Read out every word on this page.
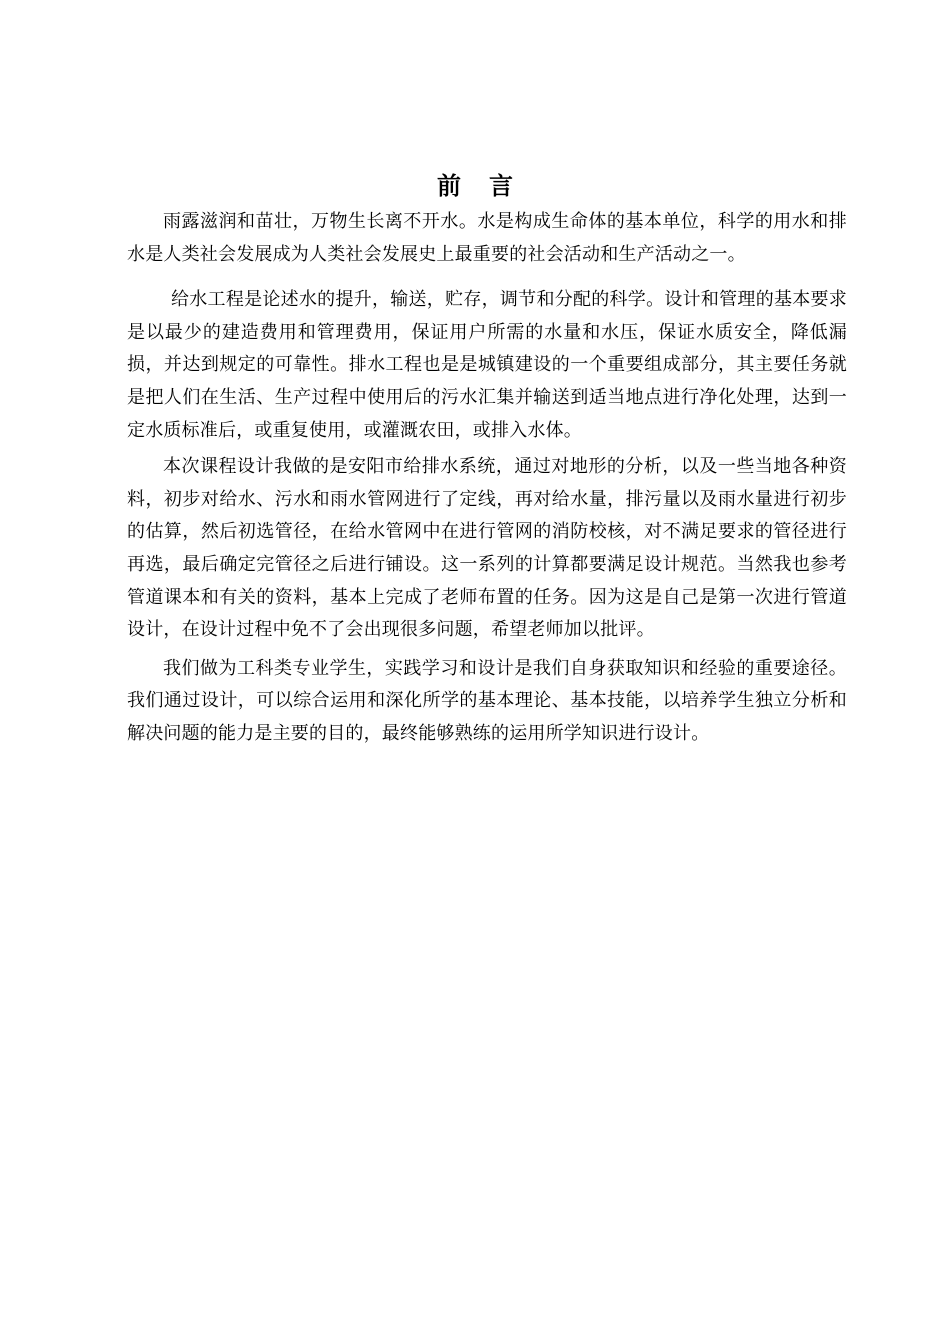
前言

雨露滋润和苗壮，万物生长离不开水。水是构成生命体的基本单位，科学的用水和排水是人类社会发展成为人类社会发展史上最重要的社会活动和生产活动之一。

给水工程是论述水的提升，输送，贮存，调节和分配的科学。设计和管理的基本要求是以最少的建造费用和管理费用，保证用户所需的水量和水压，保证水质安全，降低漏损，并达到规定的可靠性。排水工程也是是城镇建设的一个重要组成部分，其主要任务就是把人们在生活、生产过程中使用后的污水汇集并输送到适当地点进行净化处理，达到一定水质标准后，或重复使用，或灌溉农田，或排入水体。

本次课程设计我做的是安阳市给排水系统，通过对地形的分析，以及一些当地各种资料，初步对给水、污水和雨水管网进行了定线，再对给水量，排污量以及雨水量进行初步的估算，然后初选管径，在给水管网中在进行管网的消防校核，对不满足要求的管径进行再选，最后确定完管径之后进行铺设。这一系列的计算都要满足设计规范。当然我也参考管道课本和有关的资料，基本上完成了老师布置的任务。因为这是自己是第一次进行管道设计，在设计过程中免不了会出现很多问题，希望老师加以批评。

我们做为工科类专业学生，实践学习和设计是我们自身获取知识和经验的重要途径。我们通过设计，可以综合运用和深化所学的基本理论、基本技能，以培养学生独立分析和解决问题的能力是主要的目的，最终能够熟练的运用所学知识进行设计。
